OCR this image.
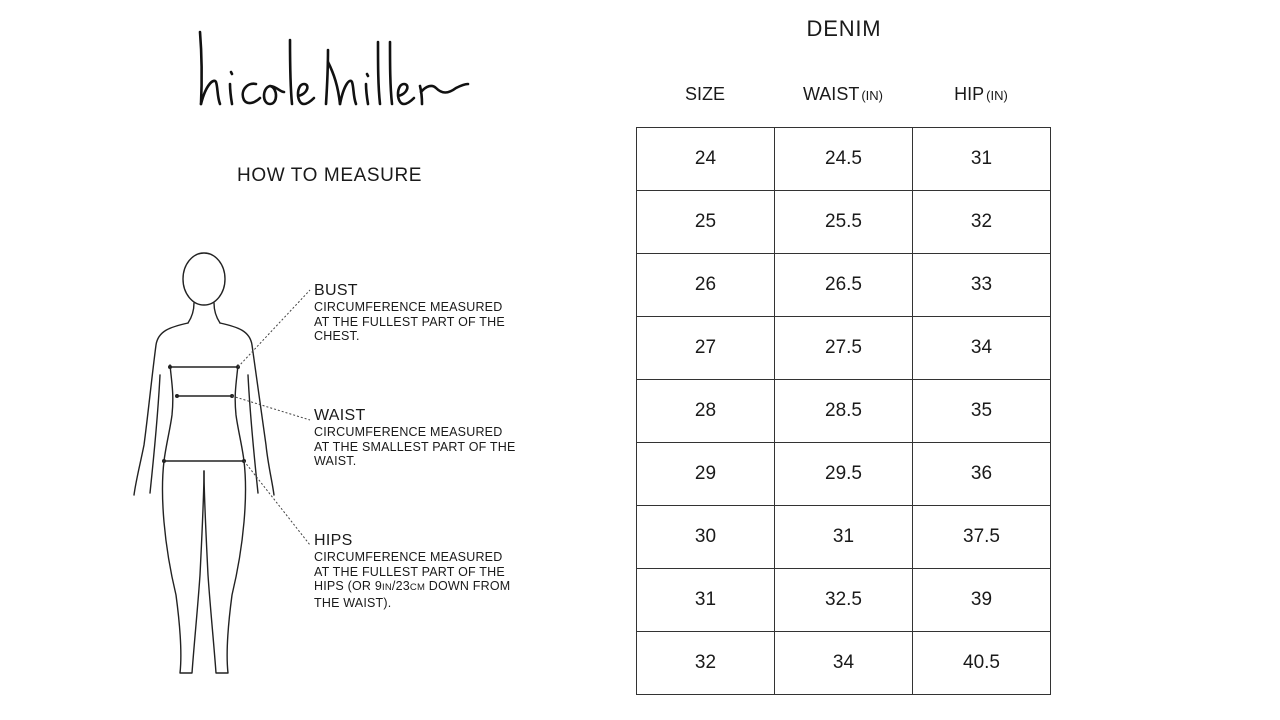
HOW TO MEASURE
BUST
CIRCUMFERENCE MEASURED
AT THE FULLEST PART OF THE
CHEST.
WAIST
CIRCUMFERENCE MEASURED
AT THE SMALLEST PART OF THE
WAIST.
HIPS
CIRCUMFERENCE MEASURED
AT THE FULLEST PART OF THE
HIPS (OR 9IN/23CM DOWN FROM
THE WAIST).
DENIM
SIZE	WAIST (IN)	HIP (IN)
24	24.5	31
25	25.5	32
26	26.5	33
27	27.5	34
28	28.5	35
29	29.5	36
30	31	37.5
31	32.5	39
32	34	40.5
